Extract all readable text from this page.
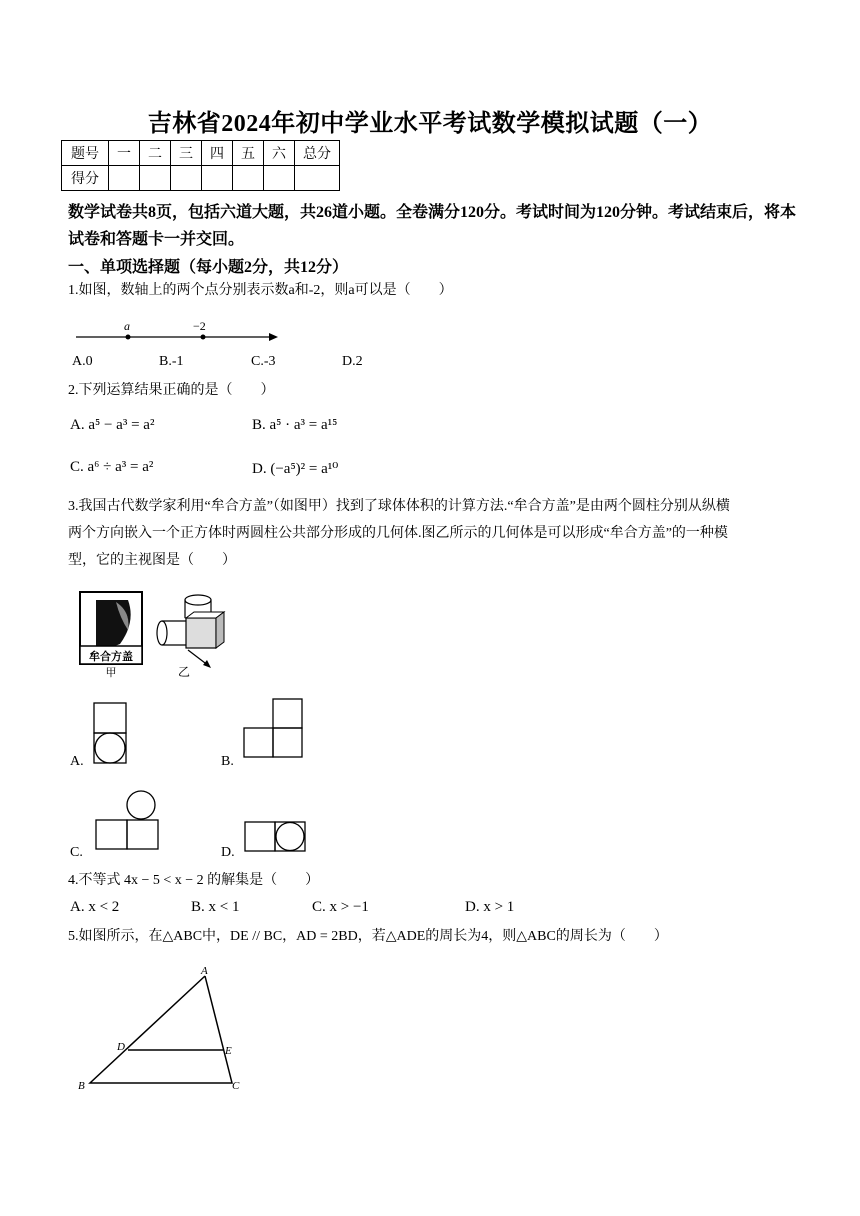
吉林省2024年初中学业水平考试数学模拟试题（一）
题号	一	二	三	四	五	六	总分
得分							
数学试卷共8页，包括六道大题，共26道小题。全卷满分120分。考试时间为120分钟。考试结束后，将本试卷和答题卡一并交回。
一、单项选择题（每小题2分，共12分）
1.如图，数轴上的两个点分别表示数a和-2，则a可以是（　　）
a	−2
A.0	B.-1	C.-3	D.2
2.下列运算结果正确的是（　　）
A. a⁵ − a³ = a²	B. a⁵ · a³ = a¹⁵
C. a⁶ ÷ a³ = a²	D. (−a⁵)² = a¹⁰
3.我国古代数学家利用“牟合方盖”（如图甲）找到了球体体积的计算方法.“牟合方盖”是由两个圆柱分别从纵横
两个方向嵌入一个正方体时两圆柱公共部分形成的几何体.图乙所示的几何体是可以形成“牟合方盖”的一种模
型，它的主视图是（　　）
牟合方盖
甲	乙
A.	B.
C.	D.
4.不等式 4x − 5 < x − 2 的解集是（　　）
A. x < 2	B. x < 1	C. x > −1	D. x > 1
5.如图所示，在△ABC中，DE // BC，AD = 2BD，若△ADE的周长为4，则△ABC的周长为（　　）
A
B	C
D	E
